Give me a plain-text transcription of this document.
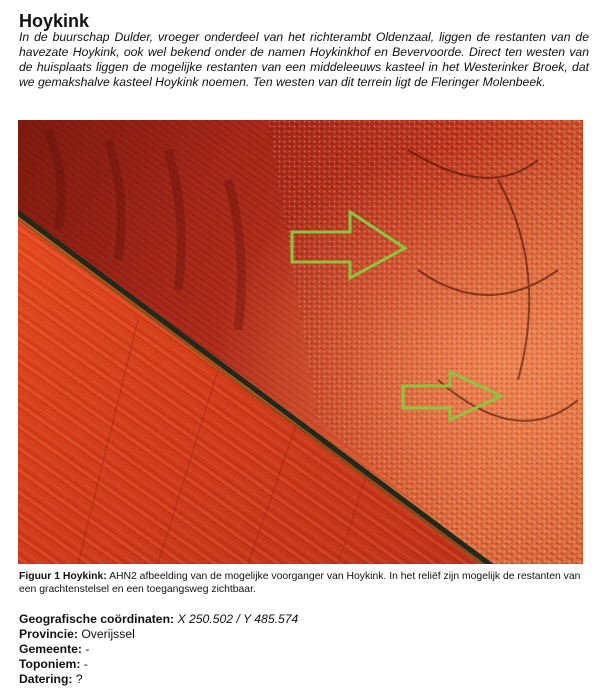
Hoykink
In de buurschap Dulder, vroeger onderdeel van het richterambt Oldenzaal, liggen de restanten van de havezate Hoykink, ook wel bekend onder de namen Hoykinkhof en Bevervoorde. Direct ten westen van de huisplaats liggen de mogelijke restanten van een middeleeuws kasteel in het Westerinker Broek, dat we gemakshalve kasteel Hoykink noemen. Ten westen van dit terrein ligt de Fleringer Molenbeek.
Figuur 1 Hoykink: AHN2 afbeelding van de mogelijke voorganger van Hoykink. In het reliëf zijn mogelijk de restanten van een grachtenstelsel en een toegangsweg zichtbaar.
Geografische coördinaten: X 250.502 / Y 485.574
Provincie: Overijssel
Gemeente: -
Toponiem: -
Datering: ?
